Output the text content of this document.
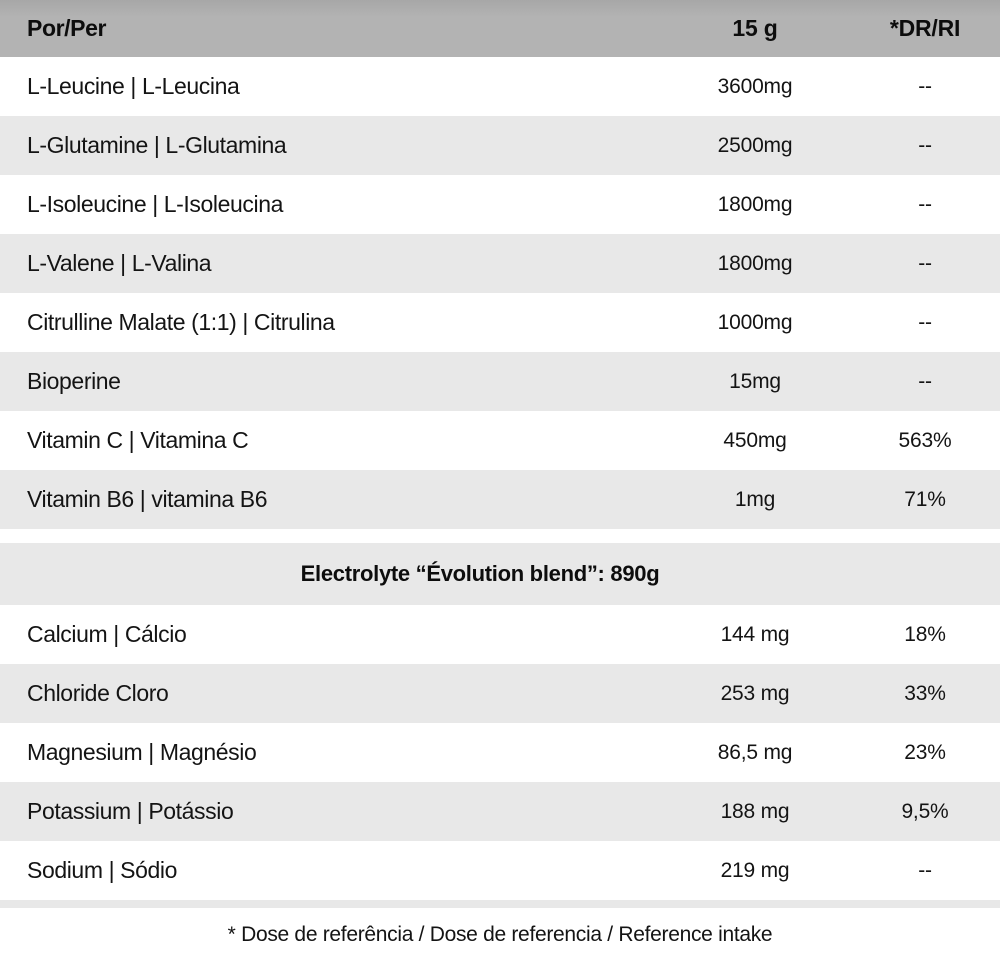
Por/Per	15 g	*DR/RI
L-Leucine | L-Leucina	3600mg	--
L-Glutamine | L-Glutamina	2500mg	--
L-Isoleucine | L-Isoleucina	1800mg	--
L-Valene | L-Valina	1800mg	--
Citrulline Malate (1:1) | Citrulina	1000mg	--
Bioperine	15mg	--
Vitamin C | Vitamina C	450mg	563%
Vitamin B6 | vitamina B6	1mg	71%
Electrolyte “Évolution blend”: 890g
Calcium | Cálcio	144 mg	18%
Chloride Cloro	253 mg	33%
Magnesium | Magnésio	86,5 mg	23%
Potassium | Potássio	188 mg	9,5%
Sodium | Sódio	219 mg	--
* Dose de referência / Dose de referencia / Reference intake
